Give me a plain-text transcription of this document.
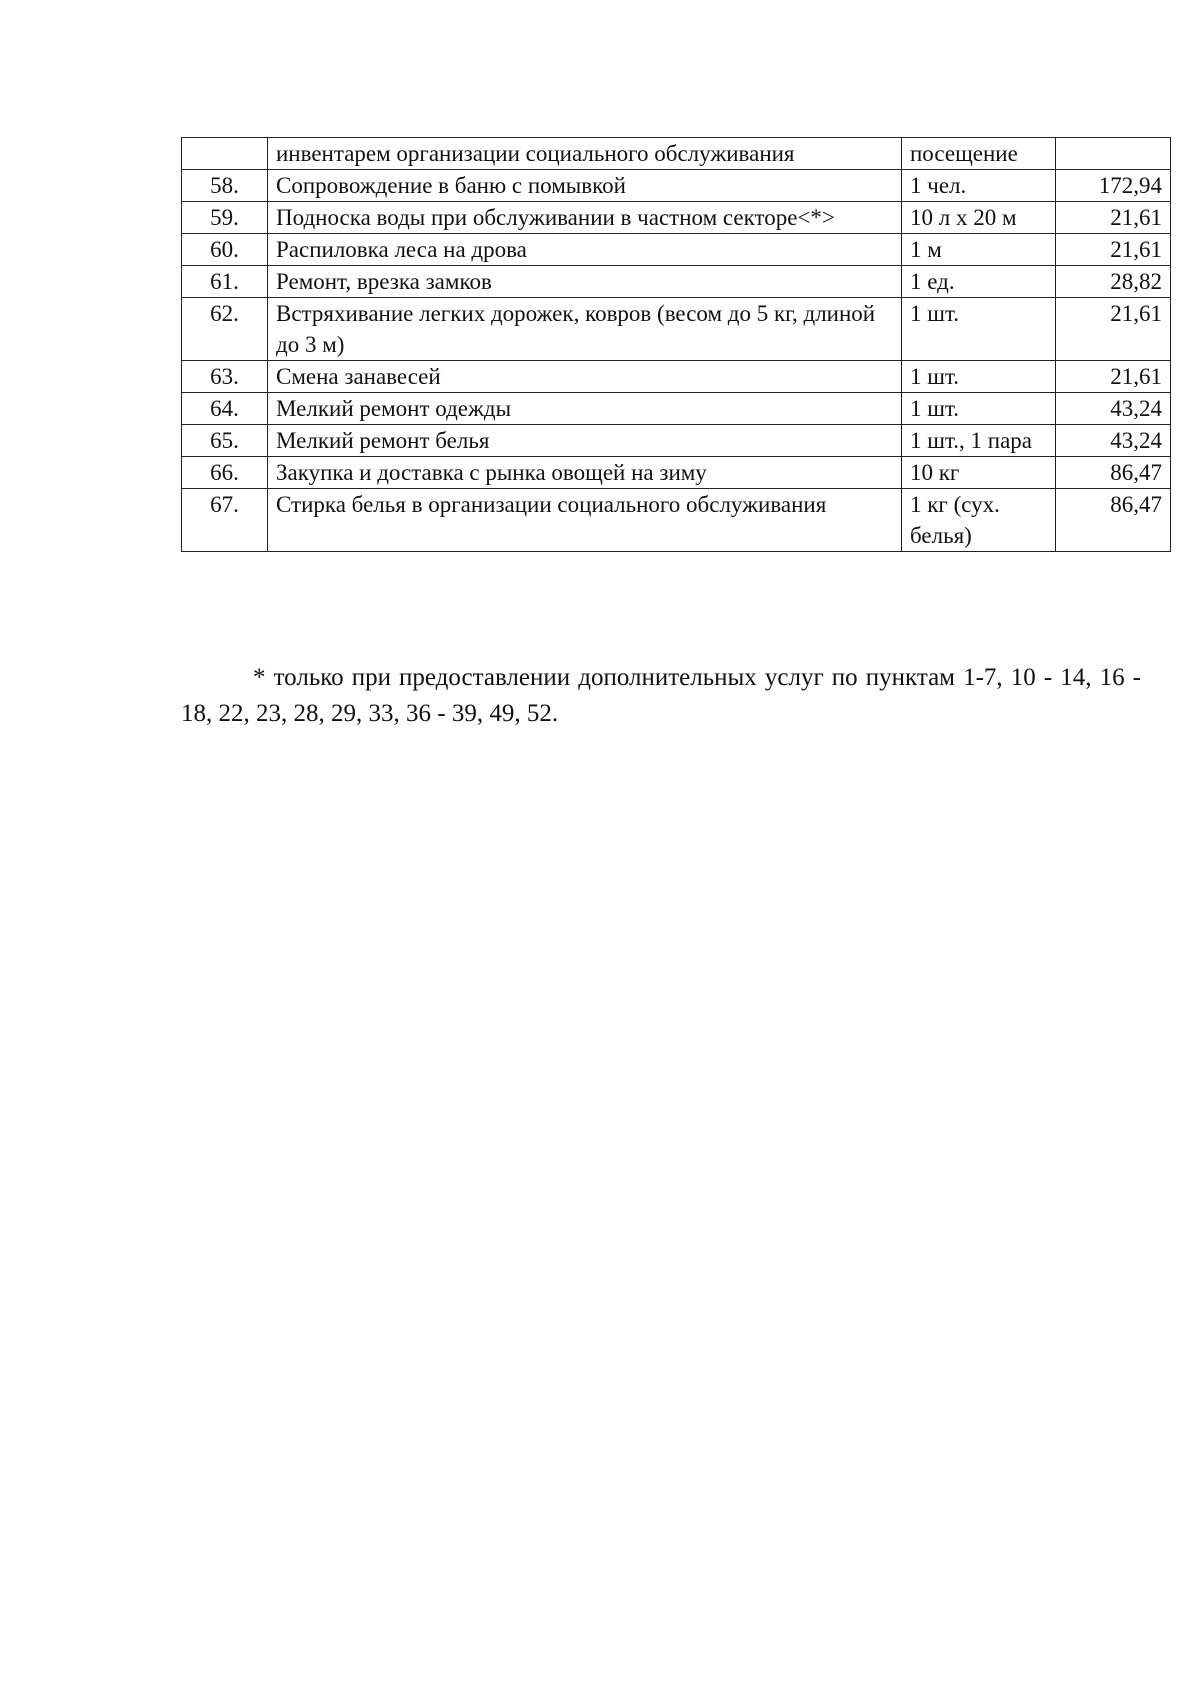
	инвентарем организации социального обслуживания	посещение	
58.	Сопровождение в баню с помывкой	1 чел.	172,94
59.	Подноска воды при обслуживании в частном секторе<*>	10 л х 20 м	21,61
60.	Распиловка леса на дрова	1 м	21,61
61.	Ремонт, врезка замков	1 ед.	28,82
62.	Встряхивание легких дорожек, ковров (весом до 5 кг, длиной до 3 м)	1 шт.	21,61
63.	Смена занавесей	1 шт.	21,61
64.	Мелкий ремонт одежды	1 шт.	43,24
65.	Мелкий ремонт белья	1 шт., 1 пара	43,24
66.	Закупка и доставка с рынка овощей на зиму	10 кг	86,47
67.	Стирка белья в организации социального обслуживания	1 кг (сух. белья)	86,47

* только при предоставлении дополнительных услуг по пунктам 1-7, 10 - 14, 16 - 18, 22, 23, 28, 29, 33, 36 - 39, 49, 52.
